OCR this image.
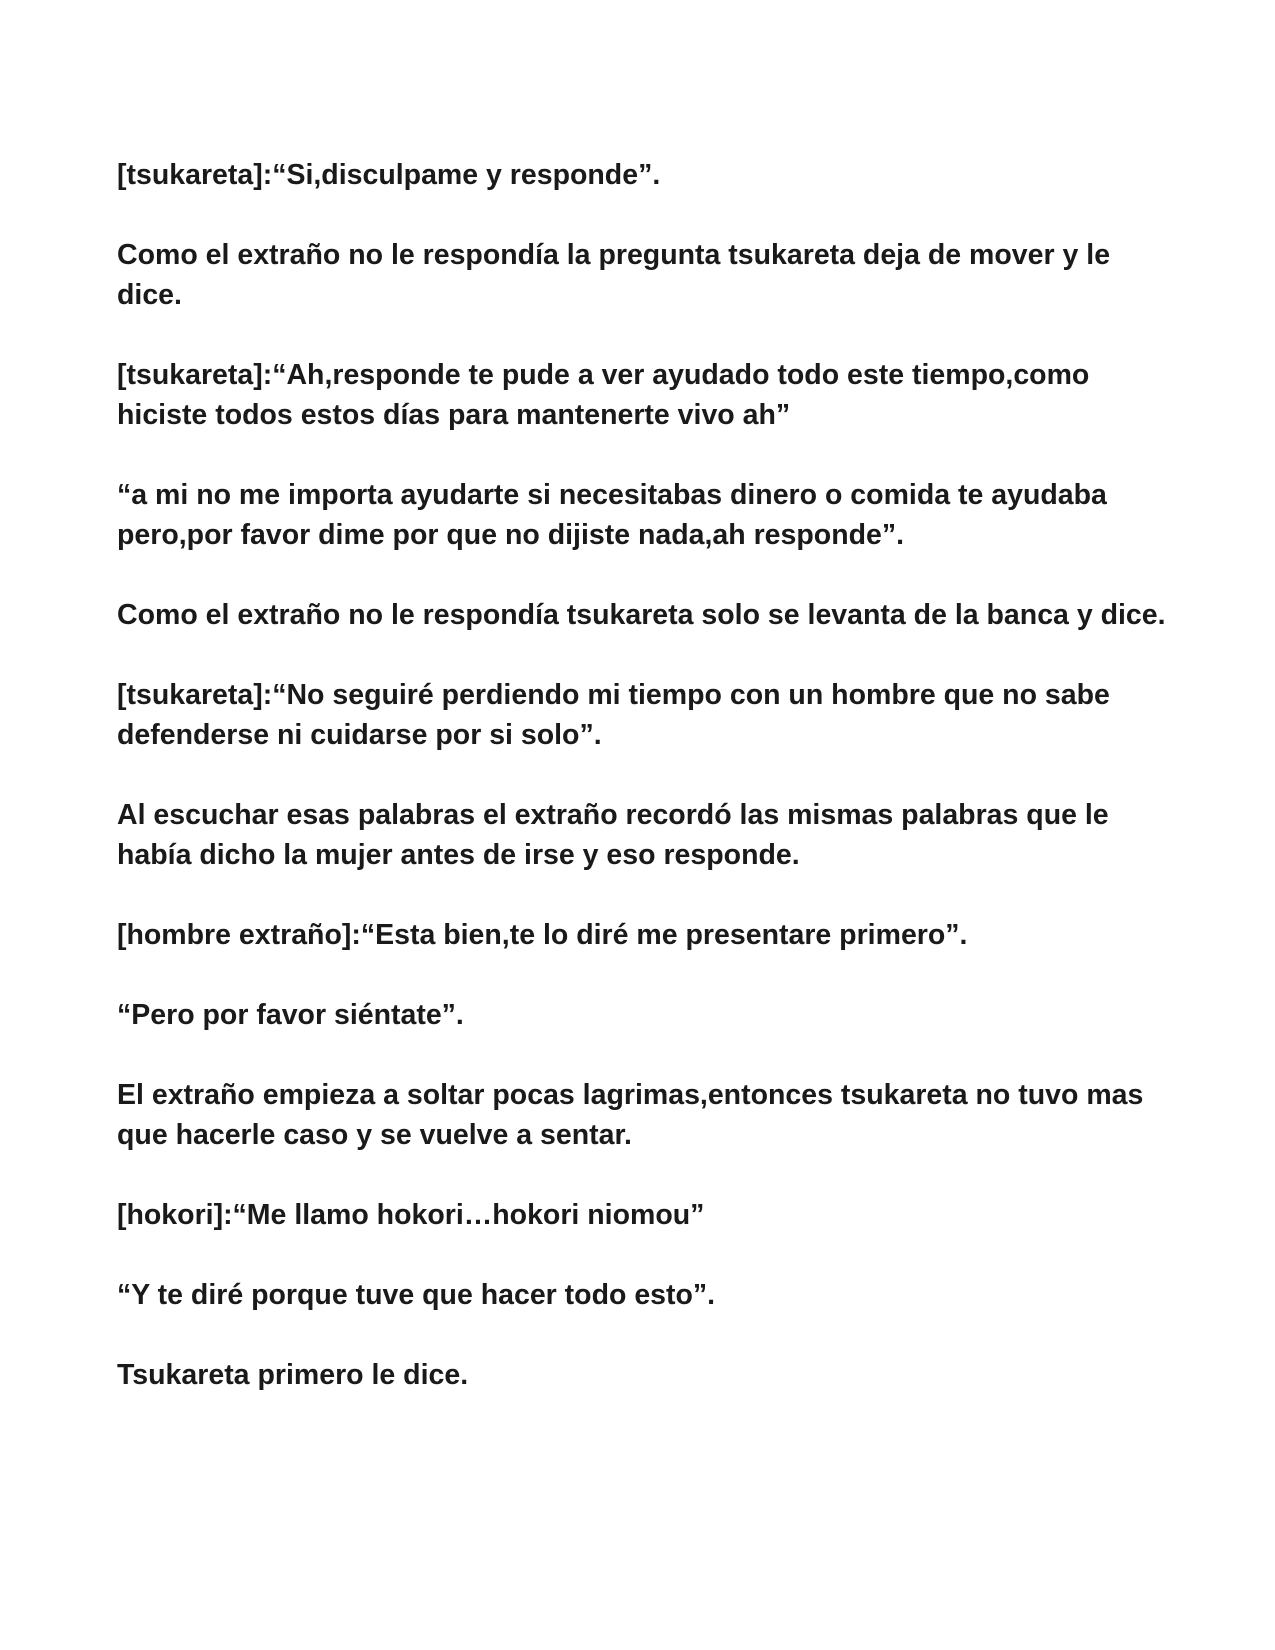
[tsukareta]:“Si,disculpame y responde”.

Como el extraño no le respondía la pregunta tsukareta deja de mover y le dice.

[tsukareta]:“Ah,responde te pude a ver ayudado todo este tiempo,como hiciste todos estos días para mantenerte vivo ah”

“a mi no me importa ayudarte si necesitabas dinero o comida te ayudaba pero,por favor dime por que no dijiste nada,ah responde”.

Como el extraño no le respondía tsukareta solo se levanta de la banca y dice.

[tsukareta]:“No seguiré perdiendo mi tiempo con un hombre que no sabe defenderse ni cuidarse por si solo”.

Al escuchar esas palabras el extraño recordó las mismas palabras que le había dicho la mujer antes de irse y eso responde.

[hombre extraño]:“Esta bien,te lo diré me presentare primero”.

“Pero por favor siéntate”.

El extraño empieza a soltar pocas lagrimas,entonces tsukareta no tuvo mas que hacerle caso y se vuelve a sentar.

[hokori]:“Me llamo hokori…hokori niomou”

“Y te diré porque tuve que hacer todo esto”.

Tsukareta primero le dice.
